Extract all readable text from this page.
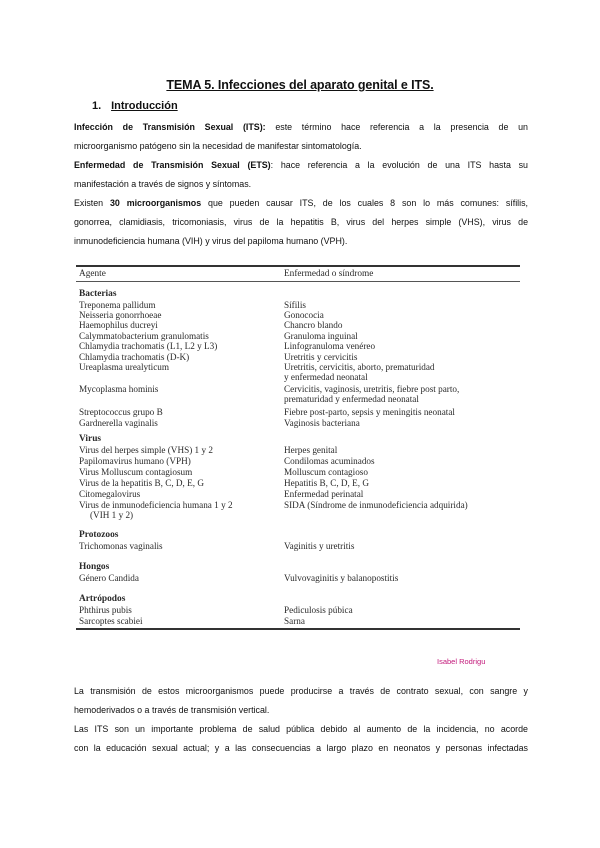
TEMA 5. Infecciones del aparato genital e ITS.
1. Introducción
Infección de Transmisión Sexual (ITS): este término hace referencia a la presencia de un
microorganismo patógeno sin la necesidad de manifestar sintomatología.
Enfermedad de Transmisión Sexual (ETS): hace referencia a la evolución de una ITS hasta su
manifestación a través de signos y síntomas.
Existen 30 microorganismos que pueden causar ITS, de los cuales 8 son lo más comunes: sífilis,
gonorrea, clamidiasis, tricomoniasis, virus de la hepatitis B, virus del herpes simple (VHS), virus de
inmunodeficiencia humana (VIH) y virus del papiloma humano (VPH).
Agente	Enfermedad o síndrome
Bacterias
Treponema pallidum	Sífilis
Neisseria gonorrhoeae	Gonococia
Haemophilus ducreyi	Chancro blando
Calymmatobacterium granulomatis	Granuloma inguinal
Chlamydia trachomatis (L1, L2 y L3)	Linfogranuloma venéreo
Chlamydia trachomatis (D-K)	Uretritis y cervicitis
Ureaplasma urealyticum	Uretritis, cervicitis, aborto, prematuridad
y enfermedad neonatal
Mycoplasma hominis	Cervicitis, vaginosis, uretritis, fiebre post parto,
prematuridad y enfermedad neonatal
Streptococcus grupo B	Fiebre post-parto, sepsis y meningitis neonatal
Gardnerella vaginalis	Vaginosis bacteriana
Virus
Virus del herpes simple (VHS) 1 y 2	Herpes genital
Papilomavirus humano (VPH)	Condilomas acuminados
Virus Molluscum contagiosum	Molluscum contagioso
Virus de la hepatitis B, C, D, E, G	Hepatitis B, C, D, E, G
Citomegalovirus	Enfermedad perinatal
Virus de inmunodeficiencia humana 1 y 2	SIDA (Síndrome de inmunodeficiencia adquirida)
(VIH 1 y 2)
Protozoos
Trichomonas vaginalis	Vaginitis y uretritis
Hongos
Género Candida	Vulvovaginitis y balanopostitis
Artrópodos
Phthirus pubis	Pediculosis púbica
Sarcoptes scabiei	Sarna
Isabel Rodrigu
La transmisión de estos microorganismos puede producirse a través de contrato sexual, con sangre y
hemoderivados o a través de transmisión vertical.
Las ITS son un importante problema de salud pública debido al aumento de la incidencia, no acorde
con la educación sexual actual; y a las consecuencias a largo plazo en neonatos y personas infectadas
